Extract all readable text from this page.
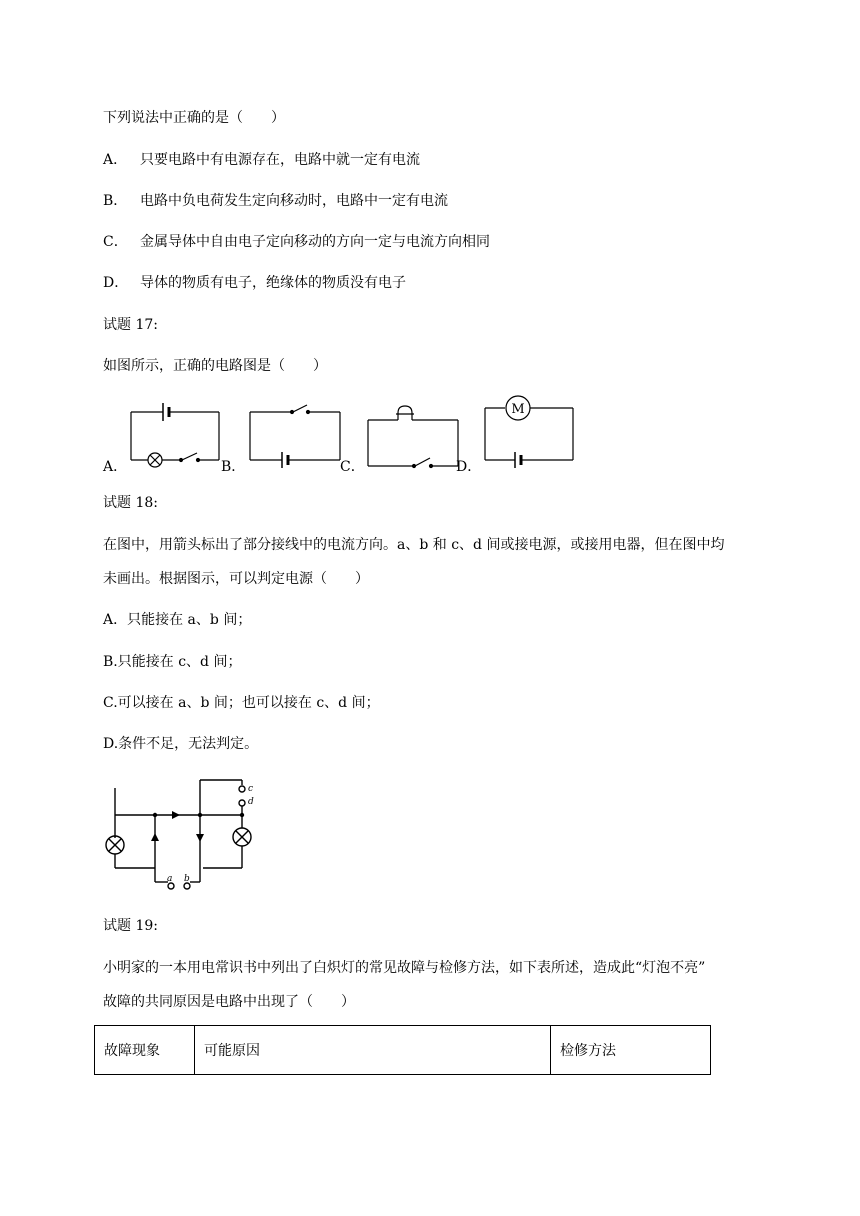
下列说法中正确的是（　　）
A． 只要电路中有电源存在，电路中就一定有电流
B． 电路中负电荷发生定向移动时，电路中一定有电流
C． 金属导体中自由电子定向移动的方向一定与电流方向相同
D． 导体的物质有电子，绝缘体的物质没有电子
试题 17:
如图所示，正确的电路图是（　　）
A．	B．	C．	D．
M
试题 18:
在图中，用箭头标出了部分接线中的电流方向。a、b 和 c、d 间或接电源，或接用电器，但在图中均
未画出。根据图示，可以判定电源（　　）
A．只能接在 a、b 间；
B.只能接在 c、d 间；
C.可以接在 a、b 间；也可以接在 c、d 间；
D.条件不足，无法判定。
a b
c
d
试题 19:
小明家的一本用电常识书中列出了白炽灯的常见故障与检修方法，如下表所述，造成此“灯泡不亮”
故障的共同原因是电路中出现了（　　）
故障现象	可能原因	检修方法
